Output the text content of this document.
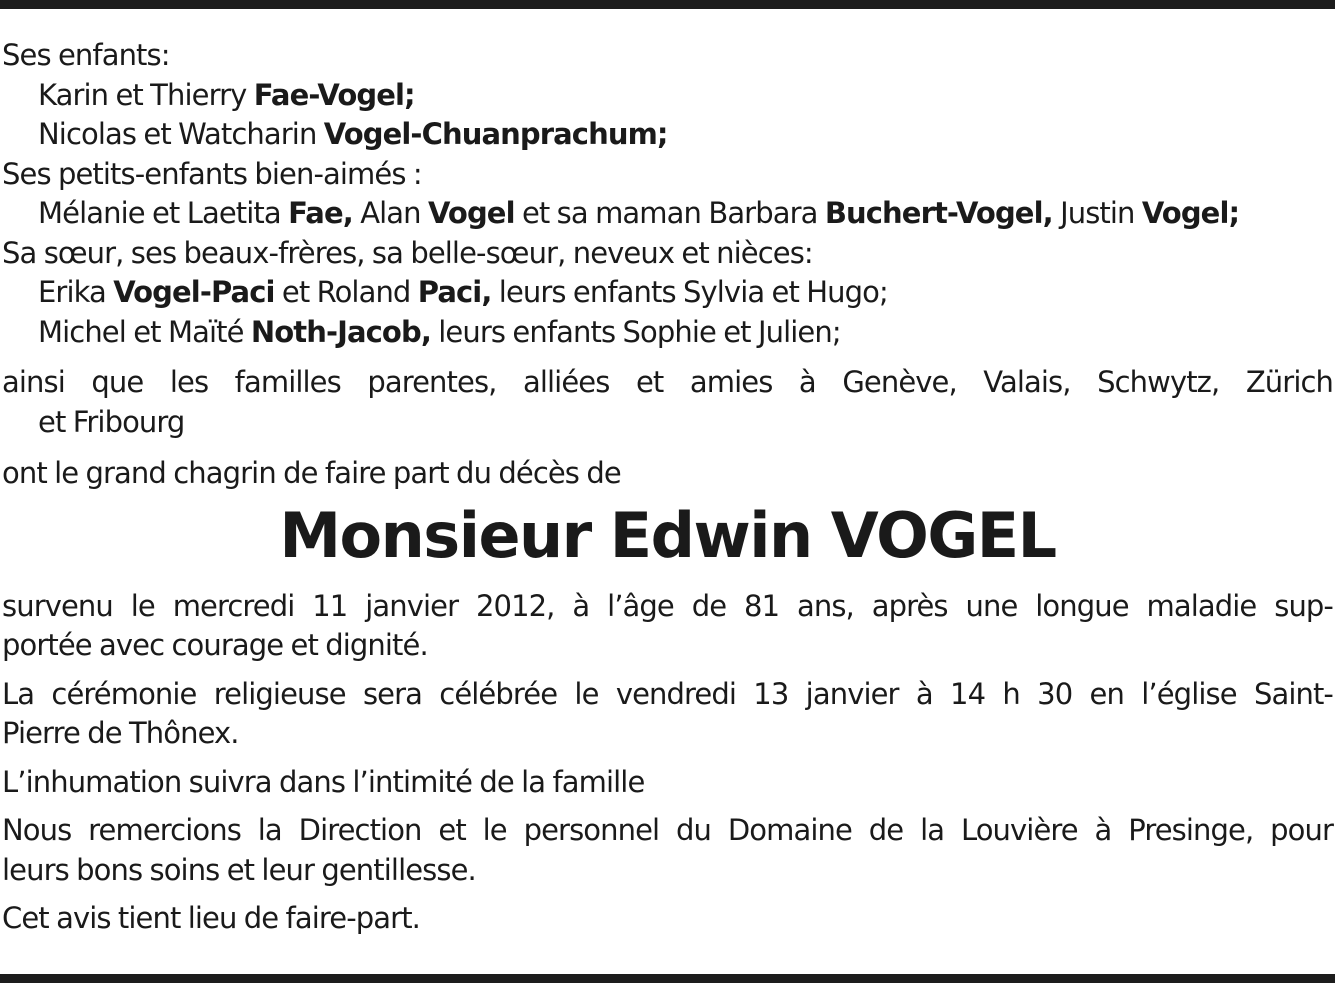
Ses enfants:
Karin et Thierry Fae-Vogel;
Nicolas et Watcharin Vogel-Chuanprachum;
Ses petits-enfants bien-aimés :
Mélanie et Laetita Fae, Alan Vogel et sa maman Barbara Buchert-Vogel, Justin Vogel;
Sa sœur, ses beaux-frères, sa belle-sœur, neveux et nièces:
Erika Vogel-Paci et Roland Paci, leurs enfants Sylvia et Hugo;
Michel et Maïté Noth-Jacob, leurs enfants Sophie et Julien;
ainsi que les familles parentes, alliées et amies à Genève, Valais, Schwytz, Zürich
et Fribourg
ont le grand chagrin de faire part du décès de
Monsieur Edwin VOGEL
survenu le mercredi 11 janvier 2012, à l’âge de 81 ans, après une longue maladie sup-
portée avec courage et dignité.
La cérémonie religieuse sera célébrée le vendredi 13 janvier à 14 h 30 en l’église Saint-
Pierre de Thônex.
L’inhumation suivra dans l’intimité de la famille
Nous remercions la Direction et le personnel du Domaine de la Louvière à Presinge, pour
leurs bons soins et leur gentillesse.
Cet avis tient lieu de faire-part.
